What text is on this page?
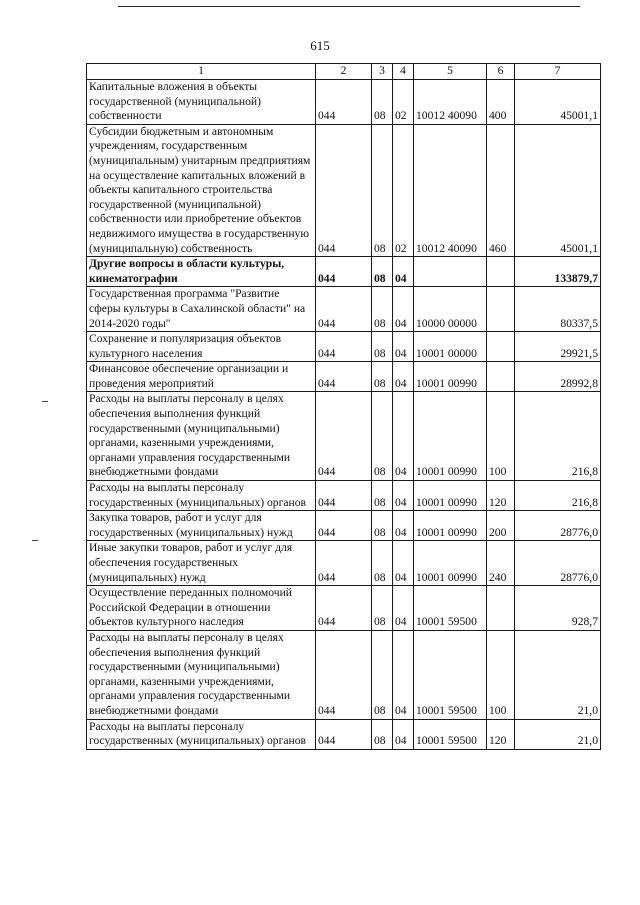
615
1	2	3	4	5	6	7
Капитальные вложения в объекты государственной (муниципальной) собственности	044	08	02	10012 40090	400	45001,1
Субсидии бюджетным и автономным учреждениям, государственным (муниципальным) унитарным предприятиям на осуществление капитальных вложений в объекты капитального строительства государственной (муниципальной) собственности или приобретение объектов недвижимого имущества в государственную (муниципальную) собственность	044	08	02	10012 40090	460	45001,1
Другие вопросы в области культуры, кинематографии	044	08	04			133879,7
Государственная программа "Развитие сферы культуры в Сахалинской области" на 2014-2020 годы"	044	08	04	10000 00000		80337,5
Сохранение и популяризация объектов культурного населения	044	08	04	10001 00000		29921,5
Финансовое обеспечение организации и проведения мероприятий	044	08	04	10001 00990		28992,8
Расходы на выплаты персоналу в целях обеспечения выполнения функций государственными (муниципальными) органами, казенными учреждениями, органами управления государственными внебюджетными фондами	044	08	04	10001 00990	100	216,8
Расходы на выплаты персоналу государственных (муниципальных) органов	044	08	04	10001 00990	120	216,8
Закупка товаров, работ и услуг для государственных (муниципальных) нужд	044	08	04	10001 00990	200	28776,0
Иные закупки товаров, работ и услуг для обеспечения государственных (муниципальных) нужд	044	08	04	10001 00990	240	28776,0
Осуществление переданных полномочий Российской Федерации в отношении объектов культурного наследия	044	08	04	10001 59500		928,7
Расходы на выплаты персоналу в целях обеспечения выполнения функций государственными (муниципальными) органами, казенными учреждениями, органами управления государственными внебюджетными фондами	044	08	04	10001 59500	100	21,0
Расходы на выплаты персоналу государственных (муниципальных) органов	044	08	04	10001 59500	120	21,0
